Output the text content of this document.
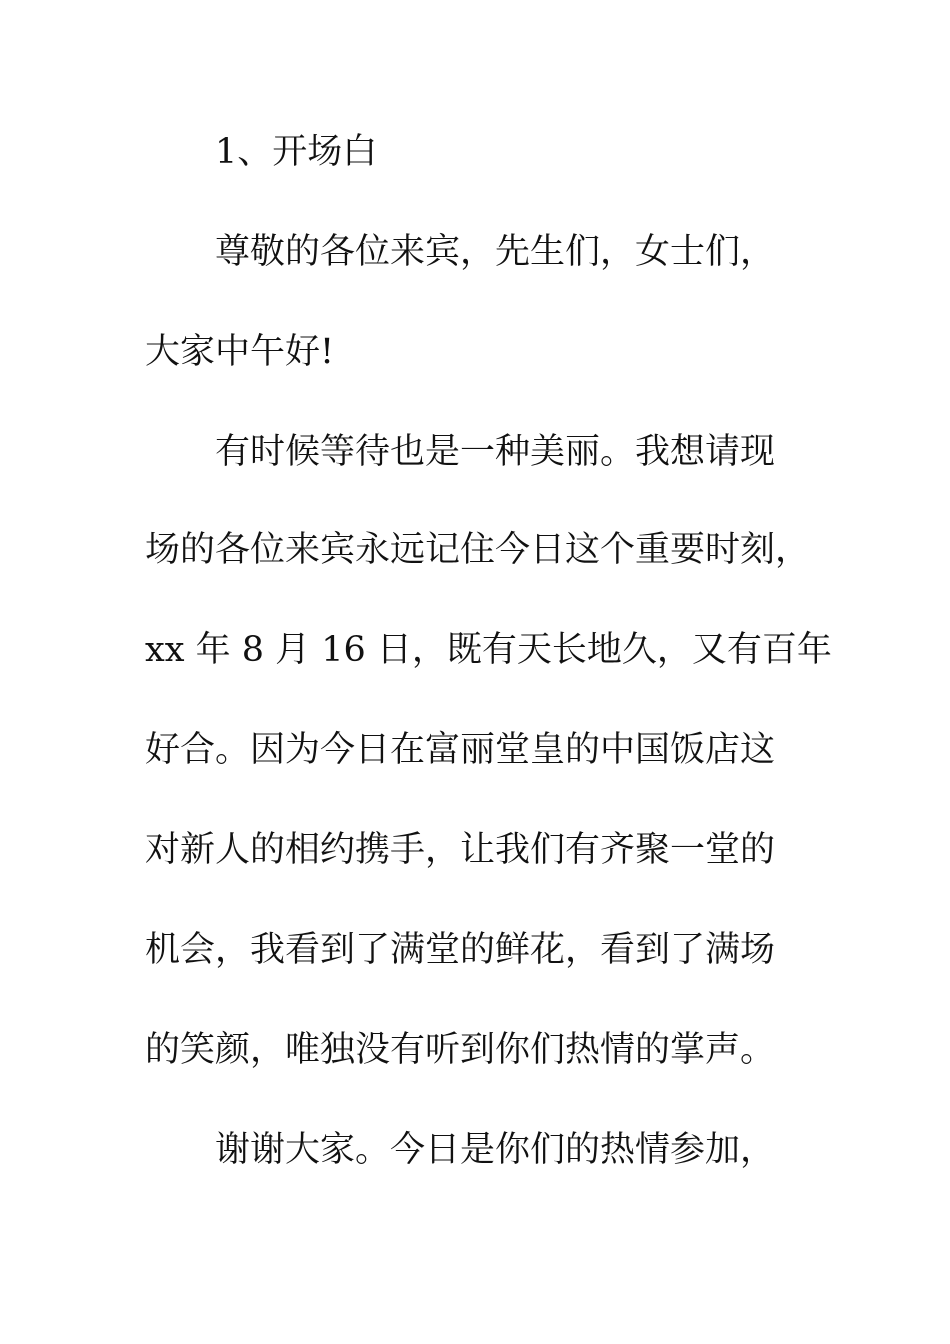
1、开场白

尊敬的各位来宾，先生们，女士们，

大家中午好!

有时候等待也是一种美丽。我想请现

场的各位来宾永远记住今日这个重要时刻，

xx 年 8 月 16 日，既有天长地久，又有百年

好合。因为今日在富丽堂皇的中国饭店这

对新人的相约携手，让我们有齐聚一堂的

机会，我看到了满堂的鲜花，看到了满场

的笑颜，唯独没有听到你们热情的掌声。

谢谢大家。今日是你们的热情参加，
